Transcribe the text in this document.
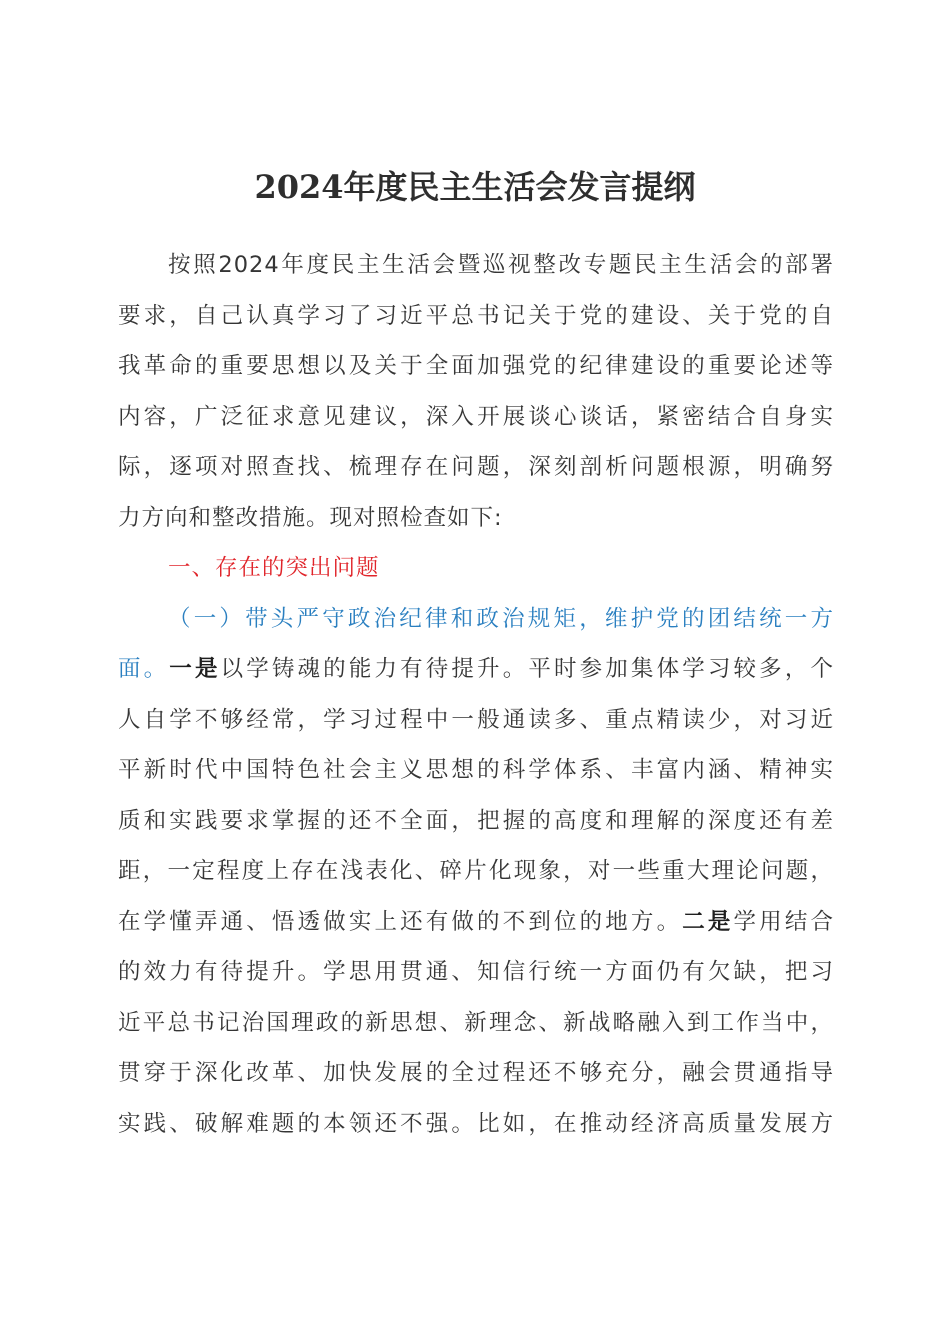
2024年度民主生活会发言提纲
按照2024年度民主生活会暨巡视整改专题民主生活会的部署
要求，自己认真学习了习近平总书记关于党的建设、关于党的自
我革命的重要思想以及关于全面加强党的纪律建设的重要论述等
内容，广泛征求意见建议，深入开展谈心谈话，紧密结合自身实
际，逐项对照查找、梳理存在问题，深刻剖析问题根源，明确努
力方向和整改措施。现对照检查如下:
一、存在的突出问题
（一）带头严守政治纪律和政治规矩，维护党的团结统一方
面。一是以学铸魂的能力有待提升。平时参加集体学习较多，个
人自学不够经常，学习过程中一般通读多、重点精读少，对习近
平新时代中国特色社会主义思想的科学体系、丰富内涵、精神实
质和实践要求掌握的还不全面，把握的高度和理解的深度还有差
距，一定程度上存在浅表化、碎片化现象，对一些重大理论问题，
在学懂弄通、悟透做实上还有做的不到位的地方。二是学用结合
的效力有待提升。学思用贯通、知信行统一方面仍有欠缺，把习
近平总书记治国理政的新思想、新理念、新战略融入到工作当中，
贯穿于深化改革、加快发展的全过程还不够充分，融会贯通指导
实践、破解难题的本领还不强。比如，在推动经济高质量发展方
